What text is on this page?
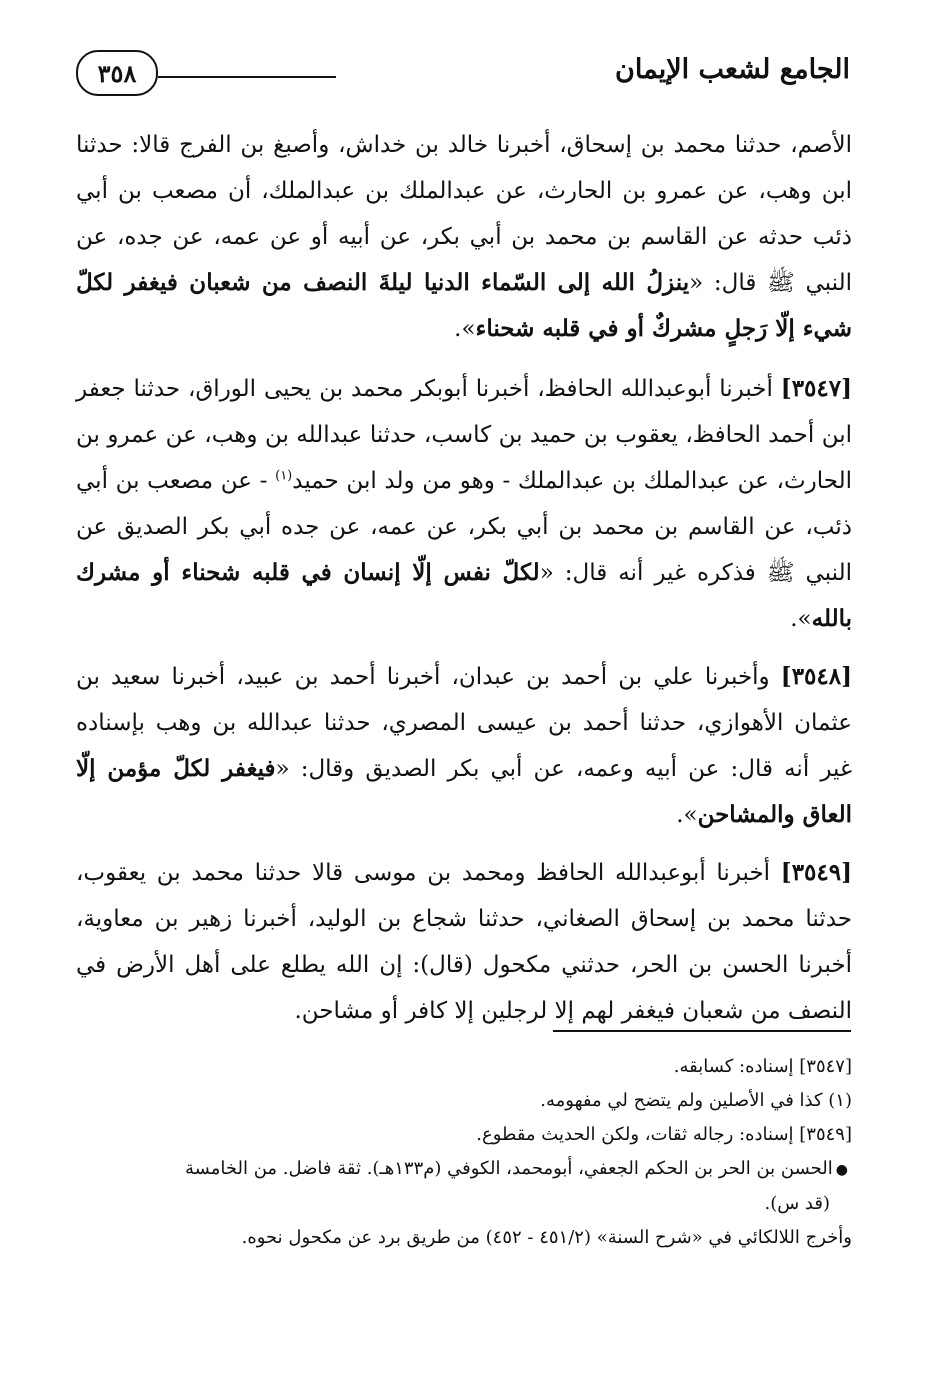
٣٥٨	الجامع لشعب الإيمان

الأصم، حدثنا محمد بن إسحاق، أخبرنا خالد بن خداش، وأصبغ بن الفرج قالا: حدثنا ابن وهب، عن عمرو بن الحارث، عن عبدالملك بن عبدالملك، أن مصعب بن أبي ذئب حدثه عن القاسم بن محمد بن أبي بكر، عن أبيه أو عن عمه، عن جده، عن النبي ﷺ قال: «ينزلُ الله إلى السّماء الدنيا ليلةَ النصف من شعبان فيغفر لكلّ شيء إلّا رَجلٍ مشركٌ أو في قلبه شحناء».

[٣٥٤٧] أخبرنا أبوعبدالله الحافظ، أخبرنا أبوبكر محمد بن يحيى الوراق، حدثنا جعفر ابن أحمد الحافظ، يعقوب بن حميد بن كاسب، حدثنا عبدالله بن وهب، عن عمرو بن الحارث، عن عبدالملك بن عبدالملك - وهو من ولد ابن حميد$^{(١)}$ - عن مصعب بن أبي ذئب، عن القاسم بن محمد بن أبي بكر، عن عمه، عن جده أبي بكر الصديق عن النبي ﷺ فذكره غير أنه قال: «لكلّ نفس إلّا إنسان في قلبه شحناء أو مشرك بالله».

[٣٥٤٨] وأخبرنا علي بن أحمد بن عبدان، أخبرنا أحمد بن عبيد، أخبرنا سعيد بن عثمان الأهوازي، حدثنا أحمد بن عيسى المصري، حدثنا عبدالله بن وهب بإسناده غير أنه قال: عن أبيه وعمه، عن أبي بكر الصديق وقال: «فيغفر لكلّ مؤمن إلّا العاق والمشاحن».

[٣٥٤٩] أخبرنا أبوعبدالله الحافظ ومحمد بن موسى قالا حدثنا محمد بن يعقوب، حدثنا محمد بن إسحاق الصغاني، حدثنا شجاع بن الوليد، أخبرنا زهير بن معاوية، أخبرنا الحسن بن الحر، حدثني مكحول (قال): إن الله يطلع على أهل الأرض في النصف من شعبان فيغفر لهم إلا لرجلين إلا كافر أو مشاحن.

[٣٥٤٧] إسناده: كسابقه.

(١) كذا في الأصلين ولم يتضح لي مفهومه.

[٣٥٤٩] إسناده: رجاله ثقات، ولكن الحديث مقطوع.

●الحسن بن الحر بن الحكم الجعفي، أبومحمد، الكوفي (م١٣٣هـ). ثقة فاضل. من الخامسة

(قد س).

وأخرج اللالكائي في «شرح السنة» (٤٥١/٢ - ٤٥٢) من طريق برد عن مكحول نحوه.
